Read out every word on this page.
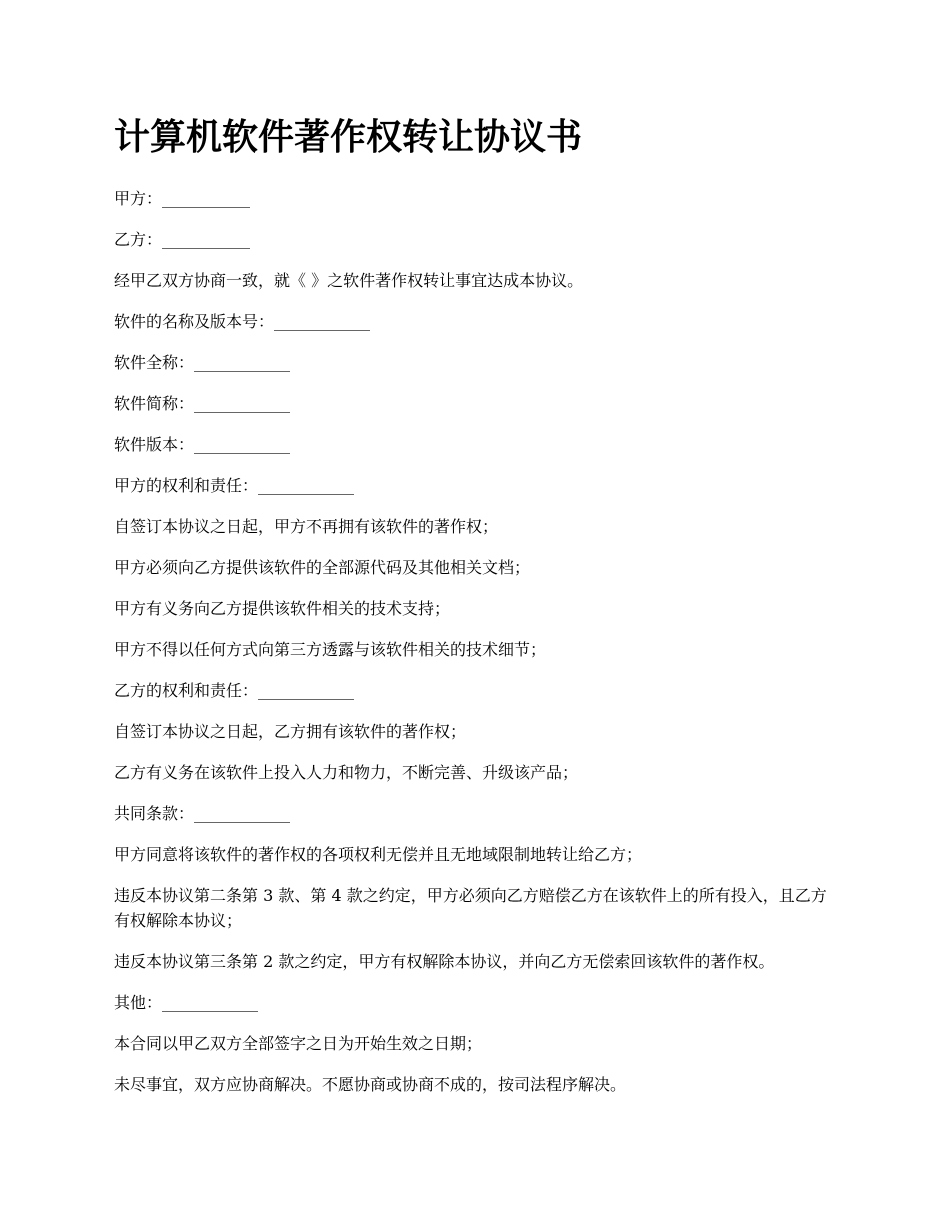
计算机软件著作权转让协议书

甲方：___________

乙方：___________

经甲乙双方协商一致，就《 》之软件著作权转让事宜达成本协议。

软件的名称及版本号：____________

软件全称：____________

软件简称：____________

软件版本：____________

甲方的权利和责任：____________

自签订本协议之日起，甲方不再拥有该软件的著作权；

甲方必须向乙方提供该软件的全部源代码及其他相关文档；

甲方有义务向乙方提供该软件相关的技术支持；

甲方不得以任何方式向第三方透露与该软件相关的技术细节；

乙方的权利和责任：____________

自签订本协议之日起，乙方拥有该软件的著作权；

乙方有义务在该软件上投入人力和物力，不断完善、升级该产品；

共同条款：____________

甲方同意将该软件的著作权的各项权利无偿并且无地域限制地转让给乙方；

违反本协议第二条第 3 款、第 4 款之约定，甲方必须向乙方赔偿乙方在该软件上的所有投入，且乙方有权解除本协议；

违反本协议第三条第 2 款之约定，甲方有权解除本协议，并向乙方无偿索回该软件的著作权。

其他：____________

本合同以甲乙双方全部签字之日为开始生效之日期；

未尽事宜，双方应协商解决。不愿协商或协商不成的，按司法程序解决。
